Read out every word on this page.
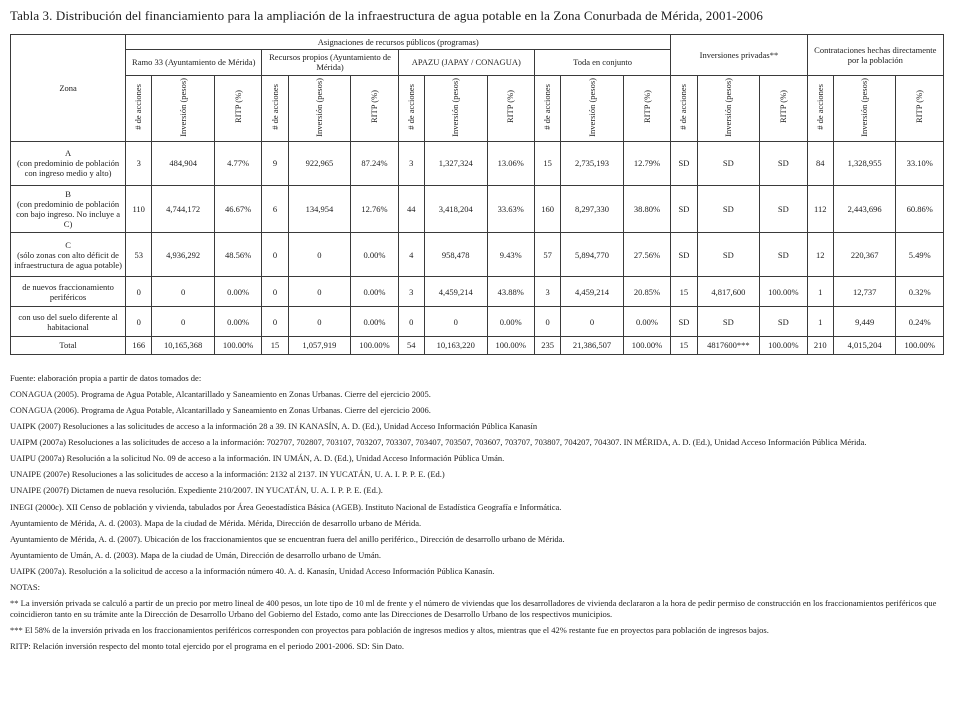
Tabla 3. Distribución del financiamiento para la ampliación de la infraestructura de agua potable en la Zona Conurbada de Mérida, 2001-2006
Zona	Asignaciones de recursos públicos (programas)												Inversiones privadas**			Contrataciones hechas directamente por la población		
	Ramo 33 (Ayuntamiento de Mérida)			Recursos propios (Ayuntamiento de Mérida)			APAZU (JAPAY / CONAGUA)			Toda en conjunto								
	# de acciones	Inversión (pesos)	RITP (%)	# de acciones	Inversión (pesos)	RITP (%)	# de acciones	Inversión (pesos)	RITP (%)	# de acciones	Inversión (pesos)	RITP (%)	# de acciones	Inversión (pesos)	RITP (%)	# de acciones	Inversión (pesos)	RITP (%)

A
(con predominio de población con ingreso medio y alto)	3	484,904	4.77%	9	922,965	87.24%	3	1,327,324	13.06%	15	2,735,193	12.79%	SD	SD	SD	84	1,328,955	33.10%

B
(con predominio de población con bajo ingreso. No incluye a C)	110	4,744,172	46.67%	6	134,954	12.76%	44	3,418,204	33.63%	160	8,297,330	38.80%	SD	SD	SD	112	2,443,696	60.86%

C
(sólo zonas con alto déficit de infraestructura de agua potable)	53	4,936,292	48.56%	0	0	0.00%	4	958,478	9.43%	57	5,894,770	27.56%	SD	SD	SD	12	220,367	5.49%

de nuevos fraccionamiento periféricos	0	0	0.00%	0	0	0.00%	3	4,459,214	43.88%	3	4,459,214	20.85%	15	4,817,600	100.00%	1	12,737	0.32%

con uso del suelo diferente al habitacional	0	0	0.00%	0	0	0.00%	0	0	0.00%	0	0	0.00%	SD	SD	SD	1	9,449	0.24%

Total	166	10,165,368	100.00%	15	1,057,919	100.00%	54	10,163,220	100.00%	235	21,386,507	100.00%	15	4817600***	100.00%	210	4,015,204	100.00%
Fuente: elaboración propia a partir de datos tomados de:
CONAGUA (2005). Programa de Agua Potable, Alcantarillado y Saneamiento en Zonas Urbanas. Cierre del ejercicio 2005.
CONAGUA (2006). Programa de Agua Potable, Alcantarillado y Saneamiento en Zonas Urbanas. Cierre del ejercicio 2006.
UAIPK (2007) Resoluciones a las solicitudes de acceso a la información 28 a 39. IN KANASÍN, A. D. (Ed.), Unidad Acceso Información Pública Kanasín
UAIPM (2007a) Resoluciones a las solicitudes de acceso a la información: 702707, 702807, 703107, 703207, 703307, 703407, 703507, 703607, 703707, 703807, 704207, 704307. IN MÉRIDA, A. D. (Ed.), Unidad Acceso Información Pública Mérida.
UAIPU (2007a) Resolución a la solicitud No. 09 de acceso a la información. IN UMÁN, A. D. (Ed.), Unidad Acceso Información Pública Umán.
UNAIPE (2007e) Resoluciones a las solicitudes de acceso a la información: 2132 al 2137. IN YUCATÁN, U. A. I. P. P. E. (Ed.)
UNAIPE (2007f) Dictamen de nueva resolución. Expediente 210/2007. IN YUCATÁN, U. A. I. P. P. E. (Ed.).
INEGI (2000c). XII Censo de población y vivienda, tabulados por Área Geoestadística Básica (AGEB). Instituto Nacional de Estadística Geografía e Informática.
Ayuntamiento de Mérida, A. d. (2003). Mapa de la ciudad de Mérida. Mérida, Dirección de desarrollo urbano de Mérida.
Ayuntamiento de Mérida, A. d. (2007). Ubicación de los fraccionamientos que se encuentran fuera del anillo periférico., Dirección de desarrollo urbano de Mérida.
Ayuntamiento de Umán, A. d. (2003). Mapa de la ciudad de Umán, Dirección de desarrollo urbano de Umán.
UAIPK (2007a). Resolución a la solicitud de acceso a la información número 40. A. d. Kanasín, Unidad Acceso Información Pública Kanasín.
NOTAS:
** La inversión privada se calculó a partir de un precio por metro lineal de 400 pesos, un lote tipo de 10 ml de frente y el número de viviendas que los desarrolladores de vivienda declararon a la hora de pedir permiso de construcción en los fraccionamientos periféricos que coincidieron tanto en su trámite ante la Dirección de Desarrollo Urbano del Gobierno del Estado, como ante las Direcciones de Desarrollo Urbano de los respectivos municipios.
*** El 58% de la inversión privada en los fraccionamientos periféricos corresponden con proyectos para población de ingresos medios y altos, mientras que el 42% restante fue en proyectos para población de ingresos bajos.
RITP: Relación inversión respecto del monto total ejercido por el programa en el periodo 2001-2006. SD: Sin Dato.
